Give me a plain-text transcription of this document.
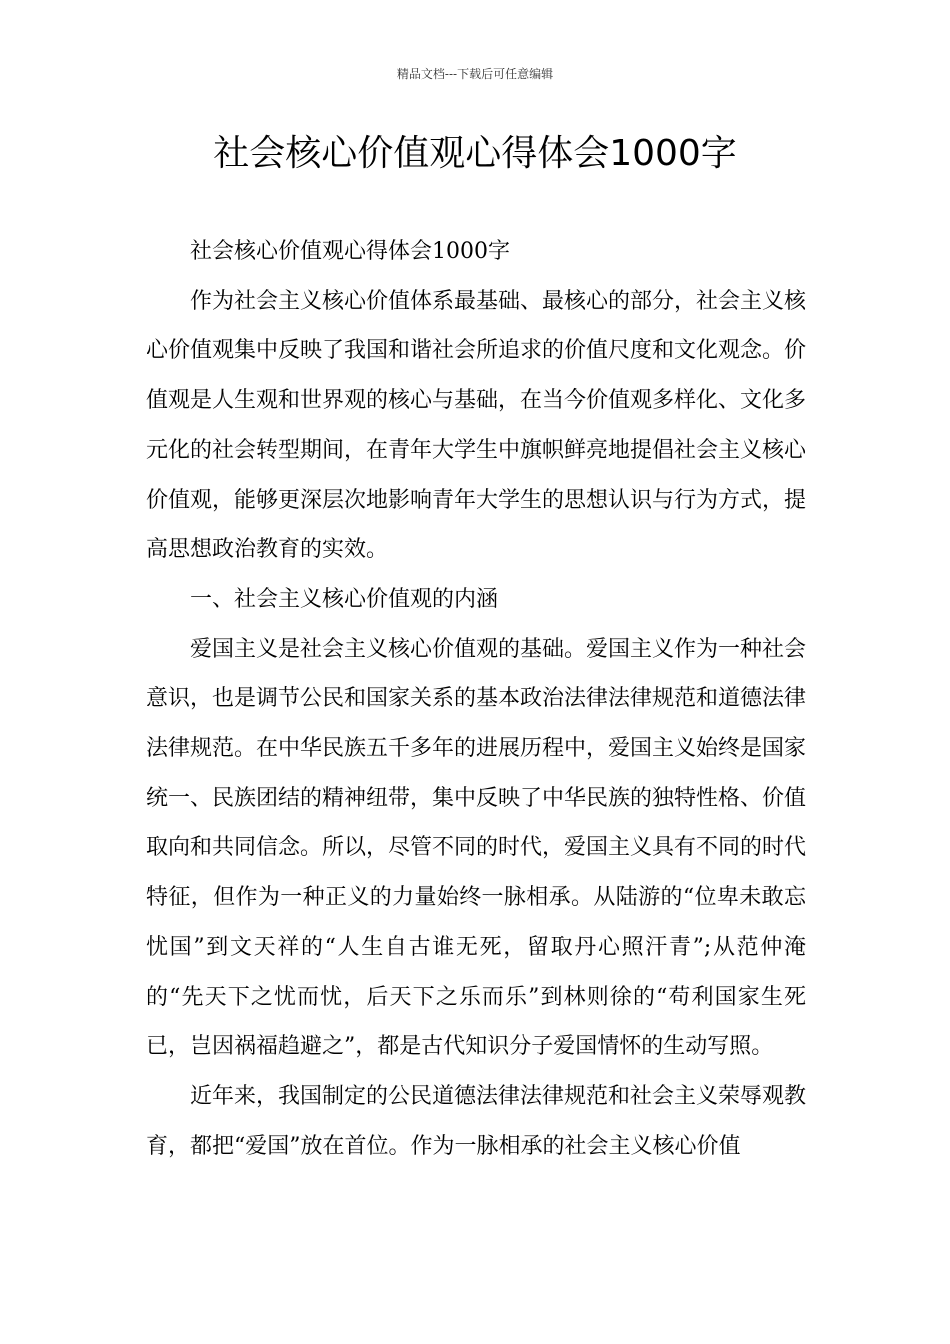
精品文档---下载后可任意编辑
社会核心价值观心得体会1000字

社会核心价值观心得体会1000字

作为社会主义核心价值体系最基础、最核心的部分，社会主义核心价值观集中反映了我国和谐社会所追求的价值尺度和文化观念。价值观是人生观和世界观的核心与基础，在当今价值观多样化、文化多元化的社会转型期间，在青年大学生中旗帜鲜亮地提倡社会主义核心价值观，能够更深层次地影响青年大学生的思想认识与行为方式，提高思想政治教育的实效。

一、社会主义核心价值观的内涵

爱国主义是社会主义核心价值观的基础。爱国主义作为一种社会意识，也是调节公民和国家关系的基本政治法律法律规范和道德法律法律规范。在中华民族五千多年的进展历程中，爱国主义始终是国家统一、民族团结的精神纽带，集中反映了中华民族的独特性格、价值取向和共同信念。所以，尽管不同的时代，爱国主义具有不同的时代特征，但作为一种正义的力量始终一脉相承。从陆游的“位卑未敢忘忧国”到文天祥的“人生自古谁无死，留取丹心照汗青”;从范仲淹的“先天下之忧而忧，后天下之乐而乐”到林则徐的“苟利国家生死已，岂因祸福趋避之”，都是古代知识分子爱国情怀的生动写照。

近年来，我国制定的公民道德法律法律规范和社会主义荣辱观教育，都把“爱国”放在首位。作为一脉相承的社会主义核心价值
